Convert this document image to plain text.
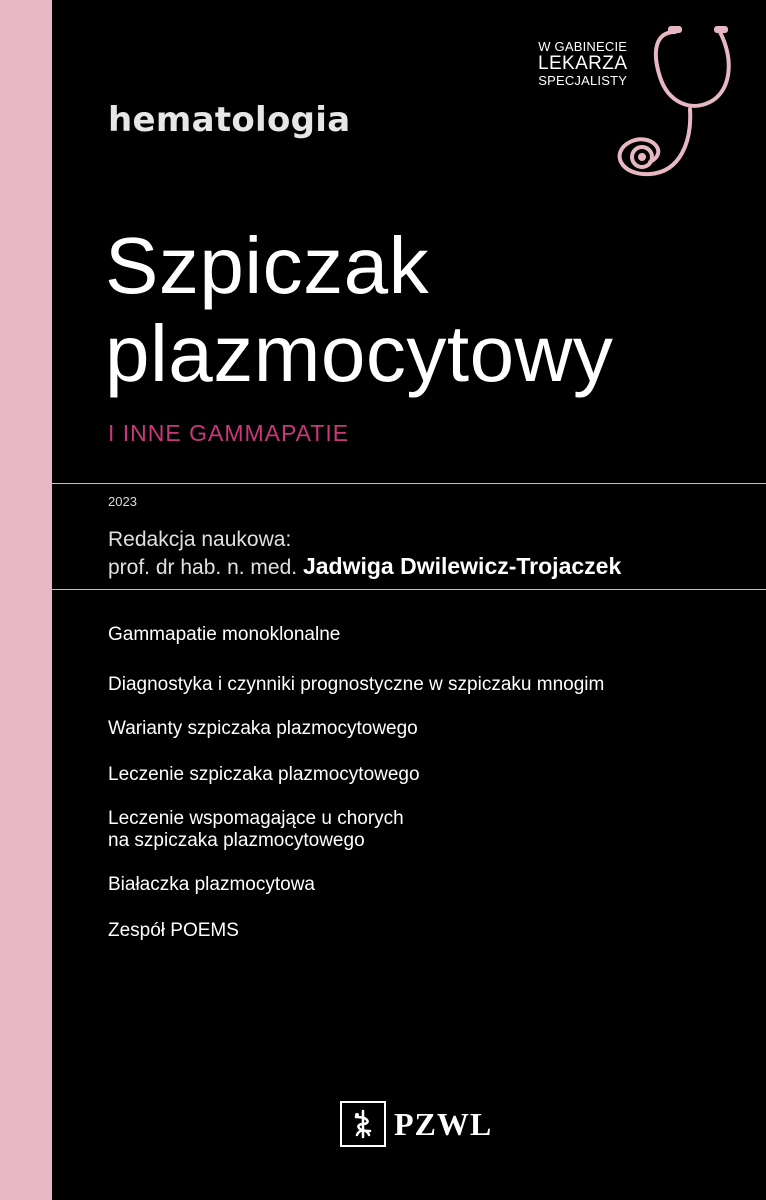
hematologia
W GABINECIE
LEKARZA
SPECJALISTY
Szpiczak
plazmocytowy
I INNE GAMMAPATIE
2023
Redakcja naukowa:
prof. dr hab. n. med. Jadwiga Dwilewicz-Trojaczek
Gammapatie monoklonalne
Diagnostyka i czynniki prognostyczne w szpiczaku mnogim
Warianty szpiczaka plazmocytowego
Leczenie szpiczaka plazmocytowego
Leczenie wspomagające u chorych
na szpiczaka plazmocytowego
Białaczka plazmocytowa
Zespół POEMS
PZWL
